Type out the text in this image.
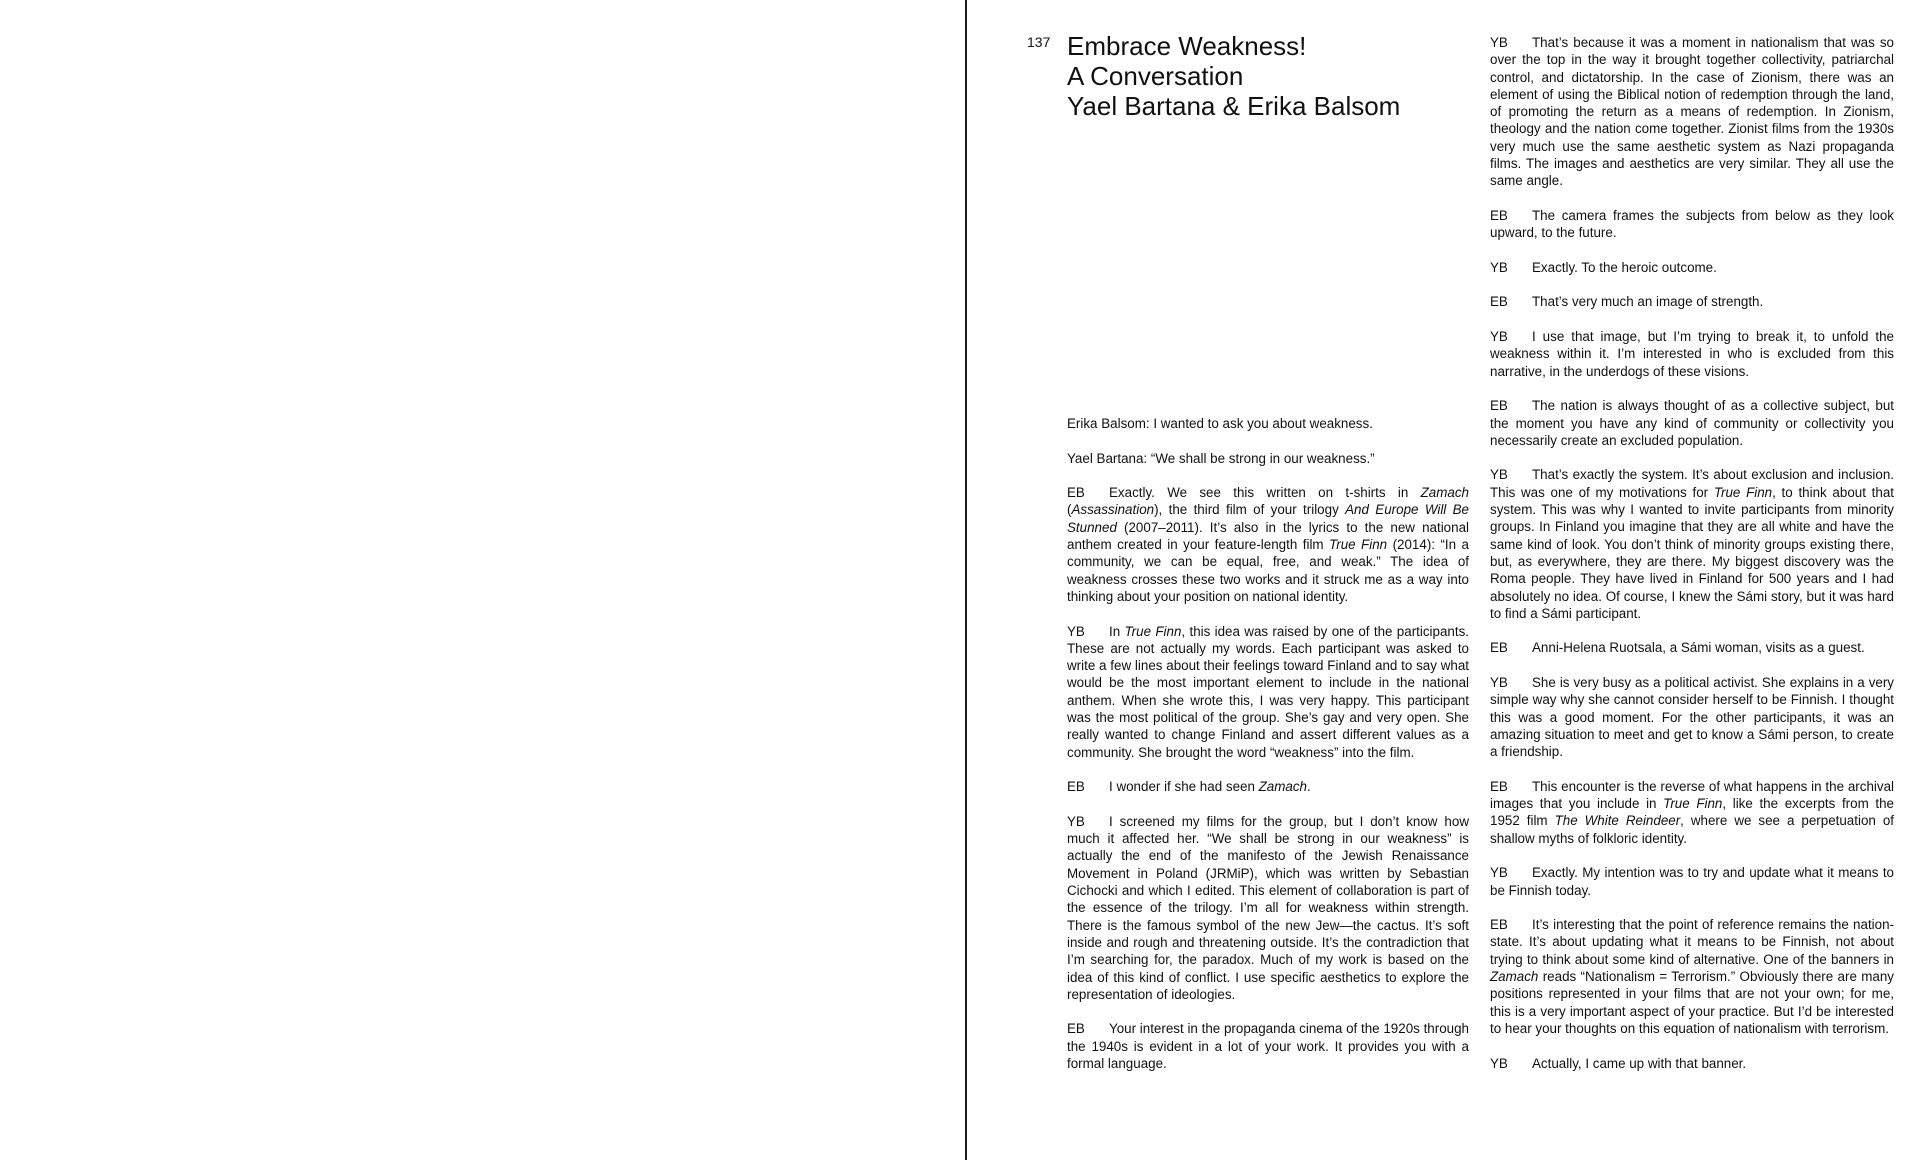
137 Embrace Weakness!
A Conversation
Yael Bartana & Erika Balsom

Erika Balsom: I wanted to ask you about weakness.

Yael Bartana: “We shall be strong in our weakness.”

EB Exactly. We see this written on t-shirts in Zamach (Assassination), the third film of your trilogy And Europe Will Be Stunned (2007–2011). It’s also in the lyrics to the new national anthem created in your feature-length film True Finn (2014): “In a community, we can be equal, free, and weak.” The idea of weakness crosses these two works and it struck me as a way into thinking about your position on national identity.

YB In True Finn, this idea was raised by one of the participants. These are not actually my words. Each participant was asked to write a few lines about their feelings toward Finland and to say what would be the most important element to include in the national anthem. When she wrote this, I was very happy. This participant was the most political of the group. She’s gay and very open. She really wanted to change Finland and assert different values as a community. She brought the word “weakness” into the film.

EB I wonder if she had seen Zamach.

YB I screened my films for the group, but I don’t know how much it affected her. “We shall be strong in our weakness” is actually the end of the manifesto of the Jewish Renaissance Movement in Poland (JRMiP), which was written by Sebastian Cichocki and which I edited. This element of collaboration is part of the essence of the trilogy. I’m all for weakness within strength. There is the famous symbol of the new Jew—the cactus. It’s soft inside and rough and threatening outside. It’s the contradiction that I’m searching for, the paradox. Much of my work is based on the idea of this kind of conflict. I use specific aesthetics to explore the representation of ideologies.

EB Your interest in the propaganda cinema of the 1920s through the 1940s is evident in a lot of your work. It provides you with a formal language.

YB That’s because it was a moment in nationalism that was so over the top in the way it brought together collectivity, patriarchal control, and dictatorship. In the case of Zionism, there was an element of using the Biblical notion of redemption through the land, of promoting the return as a means of redemption. In Zionism, theology and the nation come together. Zionist films from the 1930s very much use the same aesthetic system as Nazi propaganda films. The images and aesthetics are very similar. They all use the same angle.

EB The camera frames the subjects from below as they look upward, to the future.

YB Exactly. To the heroic outcome.

EB That’s very much an image of strength.

YB I use that image, but I’m trying to break it, to unfold the weakness within it. I’m interested in who is excluded from this narrative, in the underdogs of these visions.

EB The nation is always thought of as a collective subject, but the moment you have any kind of community or collectivity you necessarily create an excluded population.

YB That’s exactly the system. It’s about exclusion and inclusion. This was one of my motivations for True Finn, to think about that system. This was why I wanted to invite participants from minority groups. In Finland you imagine that they are all white and have the same kind of look. You don’t think of minority groups existing there, but, as everywhere, they are there. My biggest discovery was the Roma people. They have lived in Finland for 500 years and I had absolutely no idea. Of course, I knew the Sámi story, but it was hard to find a Sámi participant.

EB Anni-Helena Ruotsala, a Sámi woman, visits as a guest.

YB She is very busy as a political activist. She explains in a very simple way why she cannot consider herself to be Finnish. I thought this was a good moment. For the other participants, it was an amazing situation to meet and get to know a Sámi person, to create a friendship.

EB This encounter is the reverse of what happens in the archival images that you include in True Finn, like the excerpts from the 1952 film The White Reindeer, where we see a perpetuation of shallow myths of folkloric identity.

YB Exactly. My intention was to try and update what it means to be Finnish today.

EB It’s interesting that the point of reference remains the nation-state. It’s about updating what it means to be Finnish, not about trying to think about some kind of alternative. One of the banners in Zamach reads “Nationalism = Terrorism.” Obviously there are many positions represented in your films that are not your own; for me, this is a very important aspect of your practice. But I’d be interested to hear your thoughts on this equation of nationalism with terrorism.

YB Actually, I came up with that banner.
